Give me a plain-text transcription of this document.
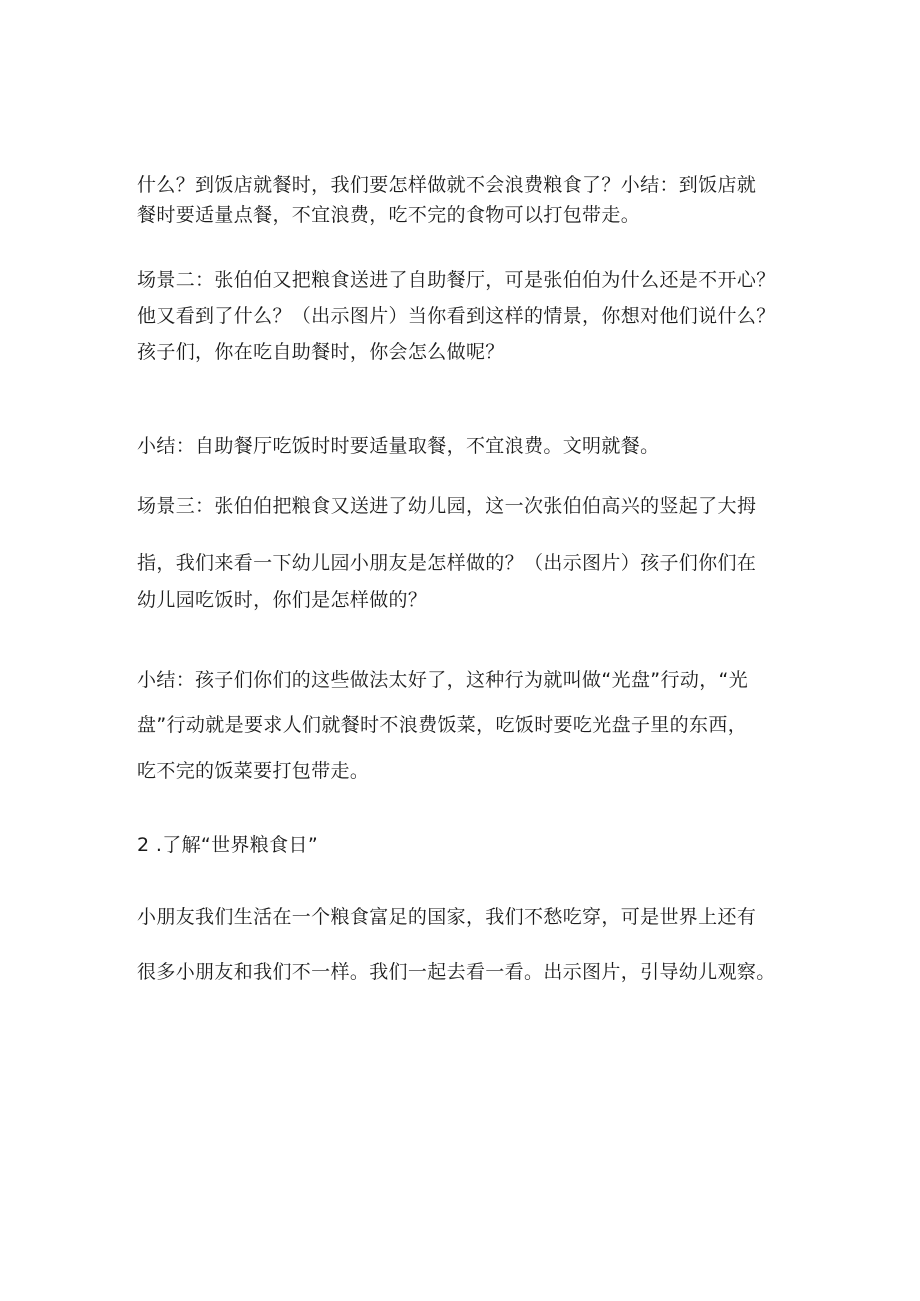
什么？到饭店就餐时，我们要怎样做就不会浪费粮食了？小结：到饭店就
餐时要适量点餐，不宜浪费，吃不完的食物可以打包带走。
场景二：张伯伯又把粮食送进了自助餐厅，可是张伯伯为什么还是不开心？
他又看到了什么？（出示图片）当你看到这样的情景，你想对他们说什么？
孩子们，你在吃自助餐时，你会怎么做呢？
小结：自助餐厅吃饭时时要适量取餐，不宜浪费。文明就餐。
场景三：张伯伯把粮食又送进了幼儿园，这一次张伯伯高兴的竖起了大拇
指，我们来看一下幼儿园小朋友是怎样做的？（出示图片）孩子们你们在
幼儿园吃饭时，你们是怎样做的？
小结：孩子们你们的这些做法太好了，这种行为就叫做“光盘”行动，“光
盘”行动就是要求人们就餐时不浪费饭菜，吃饭时要吃光盘子里的东西，
吃不完的饭菜要打包带走。
2 .了解“世界粮食日”
小朋友我们生活在一个粮食富足的国家，我们不愁吃穿，可是世界上还有
很多小朋友和我们不一样。我们一起去看一看。出示图片，引导幼儿观察。
